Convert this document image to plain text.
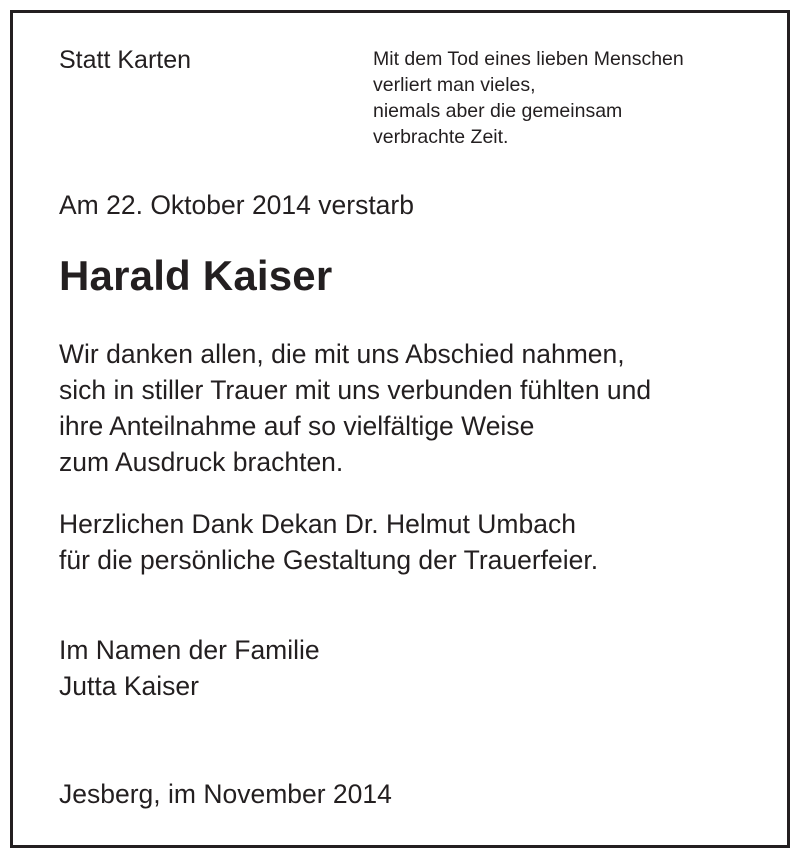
Statt Karten	Mit dem Tod eines lieben Menschen
verliert man vieles,
niemals aber die gemeinsam
verbrachte Zeit.

Am 22. Oktober 2014 verstarb

Harald Kaiser
Wir danken allen, die mit uns Abschied nahmen,
sich in stiller Trauer mit uns verbunden fühlten und
ihre Anteilnahme auf so vielfältige Weise
zum Ausdruck brachten.
Herzlichen Dank Dekan Dr. Helmut Umbach
für die persönliche Gestaltung der Trauerfeier.
Im Namen der Familie
Jutta Kaiser

Jesberg, im November 2014
